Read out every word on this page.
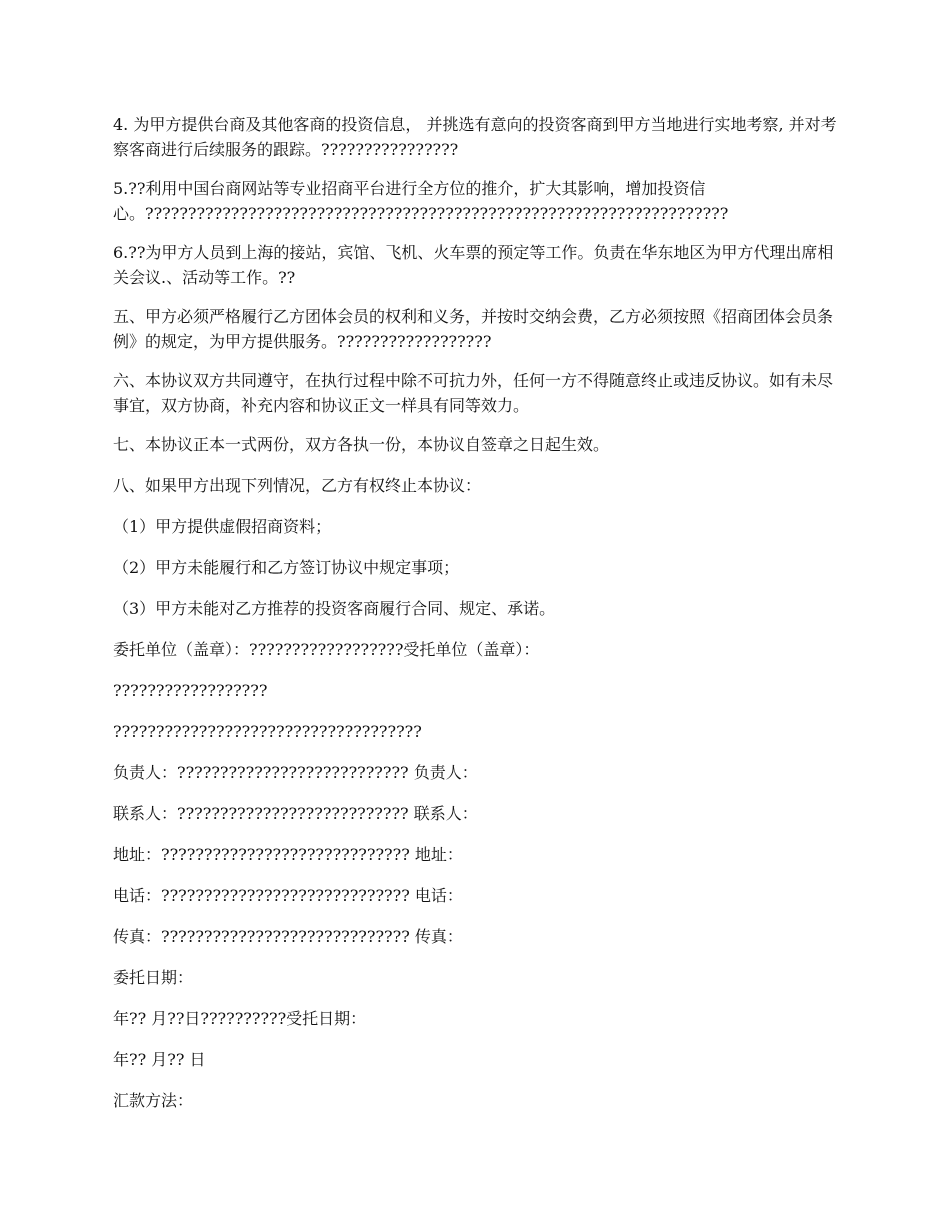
4. 为甲方提供台商及其他客商的投资信息， 并挑选有意向的投资客商到甲方当地进行实地考察, 并对考察客商进行后续服务的跟踪。????????????????

5.??利用中国台商网站等专业招商平台进行全方位的推介，扩大其影响，增加投资信心。????????????????????????????????????????????????????????????????????

6.??为甲方人员到上海的接站，宾馆、飞机、火车票的预定等工作。负责在华东地区为甲方代理出席相关会议.、活动等工作。??

五、甲方必须严格履行乙方团体会员的权利和义务，并按时交纳会费，乙方必须按照《招商团体会员条例》的规定，为甲方提供服务。??????????????????

六、本协议双方共同遵守，在执行过程中除不可抗力外，任何一方不得随意终止或违反协议。如有未尽事宜，双方协商，补充内容和协议正文一样具有同等效力。

七、本协议正本一式两份，双方各执一份，本协议自签章之日起生效。
八、如果甲方出现下列情况，乙方有权终止本协议：
（1）甲方提供虚假招商资料；
（2）甲方未能履行和乙方签订协议中规定事项；
（3）甲方未能对乙方推荐的投资客商履行合同、规定、承诺。
委托单位（盖章）：??????????????????受托单位（盖章）：
??????????????????
????????????????????????????????????
负责人：??????????????????????????? 负责人：
联系人：??????????????????????????? 联系人：
地址：????????????????????????????? 地址：
电话：????????????????????????????? 电话：
传真：????????????????????????????? 传真：
委托日期：
年?? 月??日??????????受托日期：
年?? 月?? 日
汇款方法：
